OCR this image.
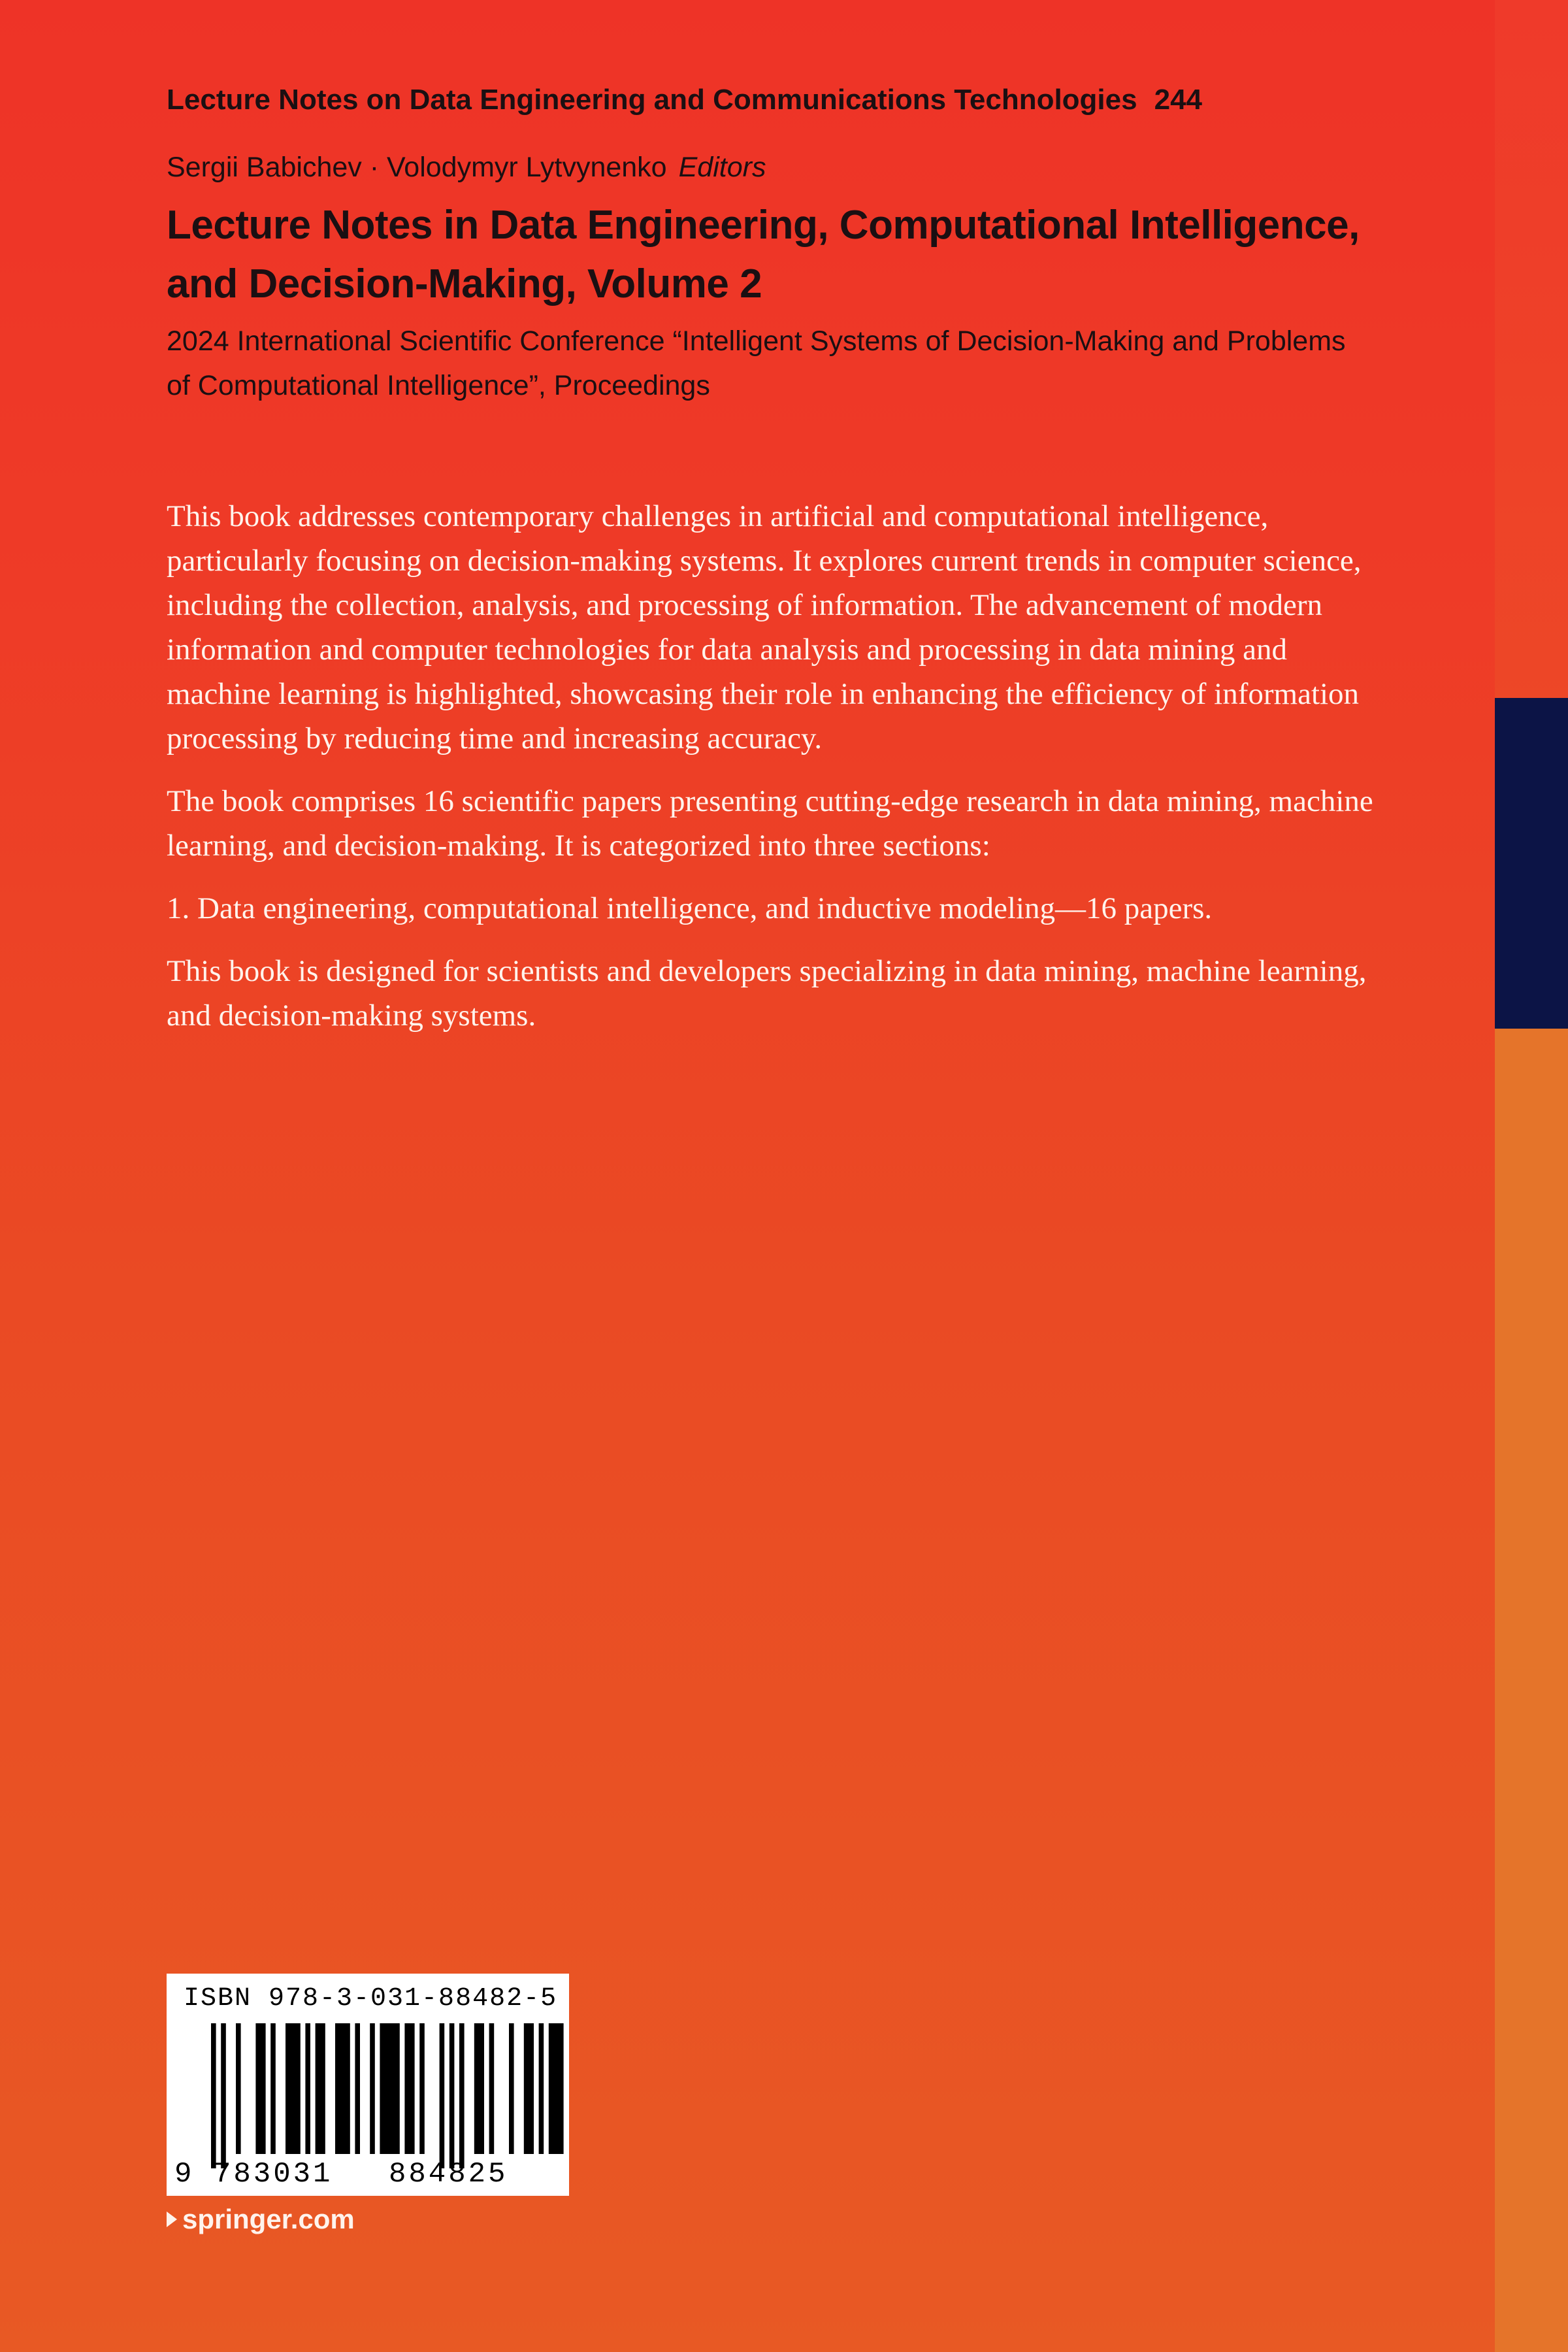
Lecture Notes on Data Engineering and Communications Technologies 244
Sergii Babichev · Volodymyr Lytvynenko Editors
Lecture Notes in Data Engineering, Computational Intelligence, and Decision-Making, Volume 2
2024 International Scientific Conference “Intelligent Systems of Decision-Making and Problems of Computational Intelligence”, Proceedings

This book addresses contemporary challenges in artificial and computational intelligence, particularly focusing on decision-making systems. It explores current trends in computer science, including the collection, analysis, and processing of information. The advancement of modern information and computer technologies for data analysis and processing in data mining and machine learning is highlighted, showcasing their role in enhancing the efficiency of information processing by reducing time and increasing accuracy.

The book comprises 16 scientific papers presenting cutting-edge research in data mining, machine learning, and decision-making. It is categorized into three sections:

1. Data engineering, computational intelligence, and inductive modeling—16 papers.

This book is designed for scientists and developers specializing in data mining, machine learning, and decision-making systems.

ISBN 978-3-031-88482-5
9 783031 884825
springer.com
